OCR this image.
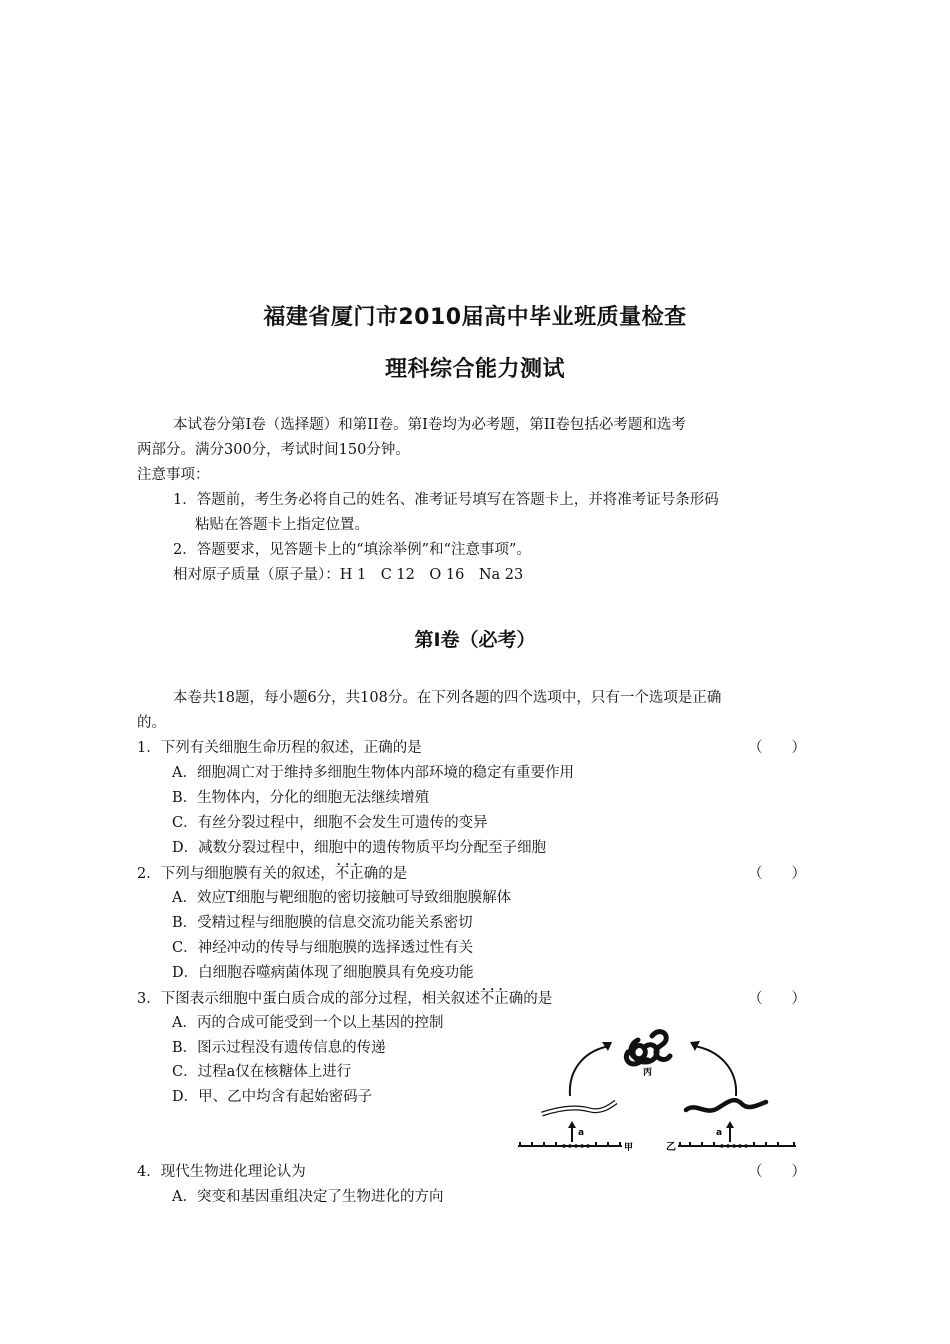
福建省厦门市2010届高中毕业班质量检查
理科综合能力测试
本试卷分第Ⅰ卷（选择题）和第II卷。第Ⅰ卷均为必考题，第II卷包括必考题和选考
两部分。满分300分，考试时间150分钟。
注意事项：
1．答题前，考生务必将自己的姓名、准考证号填写在答题卡上，并将准考证号条形码
粘贴在答题卡上指定位置。
2．答题要求，见答题卡上的“填涂举例”和“注意事项”。
相对原子质量（原子量）：H 1　C 12　O 16　Na 23
第Ⅰ卷（必考）
本卷共18题，每小题6分，共108分。在下列各题的四个选项中，只有一个选项是正确
的。
1．下列有关细胞生命历程的叙述，正确的是	（　　）
A．细胞凋亡对于维持多细胞生物体内部环境的稳定有重要作用
B．生物体内，分化的细胞无法继续增殖
C．有丝分裂过程中，细胞不会发生可遗传的变异
D．减数分裂过程中，细胞中的遗传物质平均分配至子细胞
2．下列与细胞膜有关的叙述，不正确 • • •的是	（　　）
A．效应T细胞与靶细胞的密切接触可导致细胞膜解体
B．受精过程与细胞膜的信息交流功能关系密切
C．神经冲动的传导与细胞膜的选择透过性有关
D．白细胞吞噬病菌体现了细胞膜具有免疫功能
3．下图表示细胞中蛋白质合成的部分过程，相关叙述不正确 • • •的是	（　　）
A．丙的合成可能受到一个以上基因的控制
B．图示过程没有遗传信息的传递
C．过程a仅在核糖体上进行
D．甲、乙中均含有起始密码子
丙
a	a
甲	乙
4．现代生物进化理论认为	（　　）
A．突变和基因重组决定了生物进化的方向
